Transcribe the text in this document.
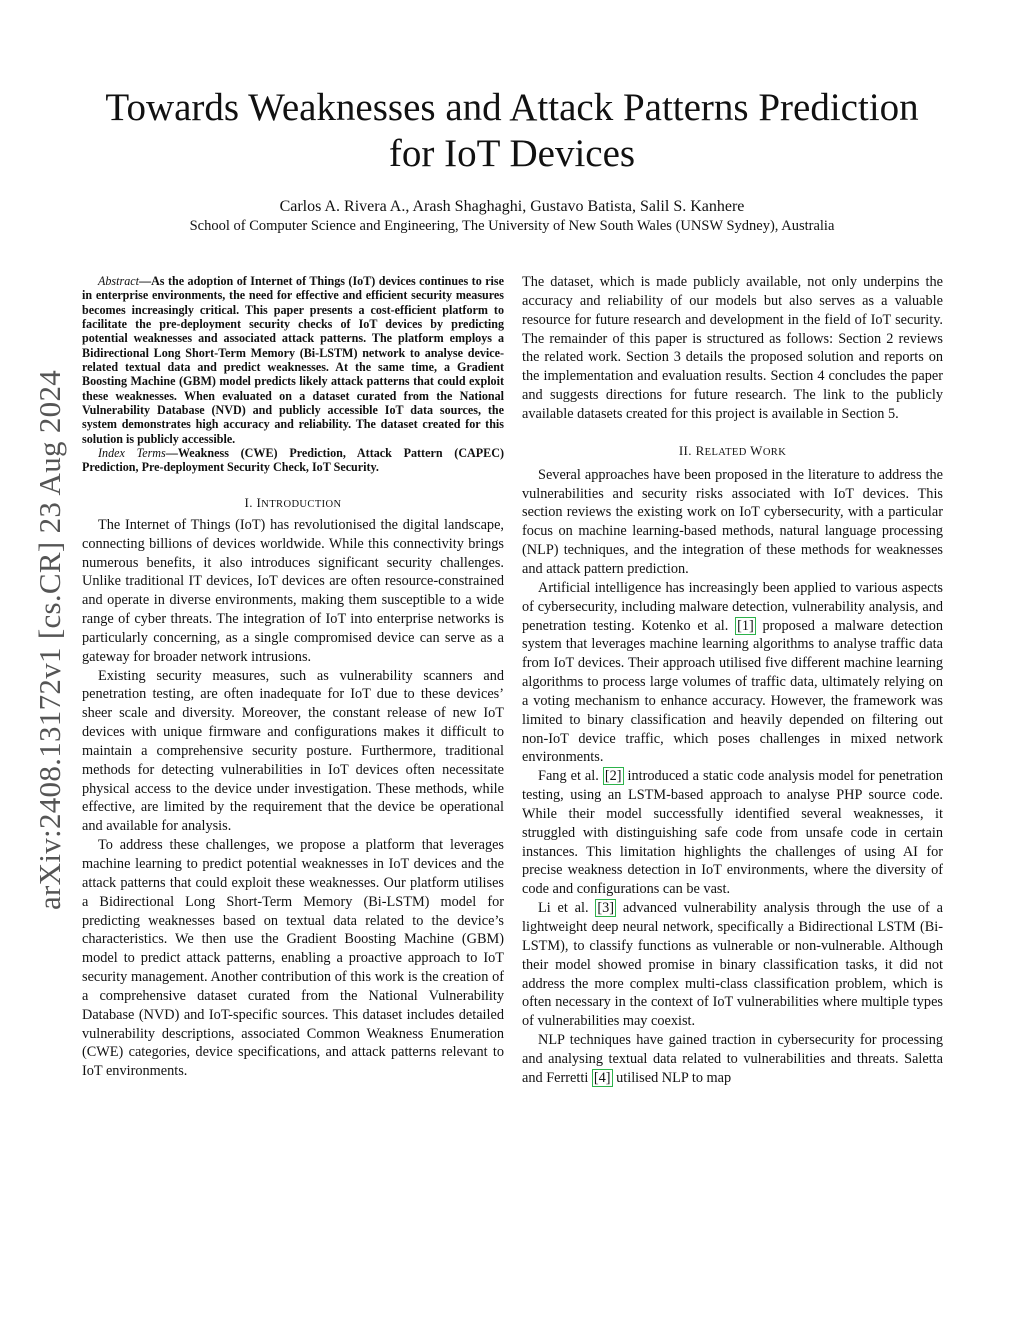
arXiv:2408.13172v1 [cs.CR] 23 Aug 2024
Towards Weaknesses and Attack Patterns Prediction
for IoT Devices
Carlos A. Rivera A., Arash Shaghaghi, Gustavo Batista, Salil S. Kanhere
School of Computer Science and Engineering, The University of New South Wales (UNSW Sydney), Australia

Abstract—As the adoption of Internet of Things (IoT) devices continues to rise in enterprise environments, the need for effective and efficient security measures becomes increasingly critical. This paper presents a cost-efficient platform to facilitate the pre-deployment security checks of IoT devices by predicting potential weaknesses and associated attack patterns. The platform employs a Bidirectional Long Short-Term Memory (Bi-LSTM) network to analyse device-related textual data and predict weaknesses. At the same time, a Gradient Boosting Machine (GBM) model predicts likely attack patterns that could exploit these weaknesses. When evaluated on a dataset curated from the National Vulnerability Database (NVD) and publicly accessible IoT data sources, the system demonstrates high accuracy and reliability. The dataset created for this solution is publicly accessible.

Index Terms—Weakness (CWE) Prediction, Attack Pattern (CAPEC) Prediction, Pre-deployment Security Check, IoT Security.

I. INTRODUCTION

The Internet of Things (IoT) has revolutionised the digital landscape, connecting billions of devices worldwide. While this connectivity brings numerous benefits, it also introduces significant security challenges. Unlike traditional IT devices, IoT devices are often resource-constrained and operate in diverse environments, making them susceptible to a wide range of cyber threats. The integration of IoT into enterprise networks is particularly concerning, as a single compromised device can serve as a gateway for broader network intrusions.

Existing security measures, such as vulnerability scanners and penetration testing, are often inadequate for IoT due to these devices’ sheer scale and diversity. Moreover, the constant release of new IoT devices with unique firmware and configurations makes it difficult to maintain a comprehensive security posture. Furthermore, traditional methods for detecting vulnerabilities in IoT devices often necessitate physical access to the device under investigation. These methods, while effective, are limited by the requirement that the device be operational and available for analysis.

To address these challenges, we propose a platform that leverages machine learning to predict potential weaknesses in IoT devices and the attack patterns that could exploit these weaknesses. Our platform utilises a Bidirectional Long Short-Term Memory (Bi-LSTM) model for predicting weaknesses based on textual data related to the device’s characteristics. We then use the Gradient Boosting Machine (GBM) model to predict attack patterns, enabling a proactive approach to IoT security management. Another contribution of this work is the creation of a comprehensive dataset curated from the National Vulnerability Database (NVD) and IoT-specific sources. This dataset includes detailed vulnerability descriptions, associated Common Weakness Enumeration (CWE) categories, device specifications, and attack patterns relevant to IoT environments.

The dataset, which is made publicly available, not only underpins the accuracy and reliability of our models but also serves as a valuable resource for future research and development in the field of IoT security. The remainder of this paper is structured as follows: Section 2 reviews the related work. Section 3 details the proposed solution and reports on the implementation and evaluation results. Section 4 concludes the paper and suggests directions for future research. The link to the publicly available datasets created for this project is available in Section 5.

II. RELATED WORK

Several approaches have been proposed in the literature to address the vulnerabilities and security risks associated with IoT devices. This section reviews the existing work on IoT cybersecurity, with a particular focus on machine learning-based methods, natural language processing (NLP) techniques, and the integration of these methods for weaknesses and attack pattern prediction.

Artificial intelligence has increasingly been applied to various aspects of cybersecurity, including malware detection, vulnerability analysis, and penetration testing. Kotenko et al. [1] proposed a malware detection system that leverages machine learning algorithms to analyse traffic data from IoT devices. Their approach utilised five different machine learning algorithms to process large volumes of traffic data, ultimately relying on a voting mechanism to enhance accuracy. However, the framework was limited to binary classification and heavily depended on filtering out non-IoT device traffic, which poses challenges in mixed network environments.

Fang et al. [2] introduced a static code analysis model for penetration testing, using an LSTM-based approach to analyse PHP source code. While their model successfully identified several weaknesses, it struggled with distinguishing safe code from unsafe code in certain instances. This limitation highlights the challenges of using AI for precise weakness detection in IoT environments, where the diversity of code and configurations can be vast.

Li et al. [3] advanced vulnerability analysis through the use of a lightweight deep neural network, specifically a Bidirectional LSTM (Bi-LSTM), to classify functions as vulnerable or non-vulnerable. Although their model showed promise in binary classification tasks, it did not address the more complex multi-class classification problem, which is often necessary in the context of IoT vulnerabilities where multiple types of vulnerabilities may coexist.

NLP techniques have gained traction in cybersecurity for processing and analysing textual data related to vulnerabilities and threats. Saletta and Ferretti [4] utilised NLP to map
